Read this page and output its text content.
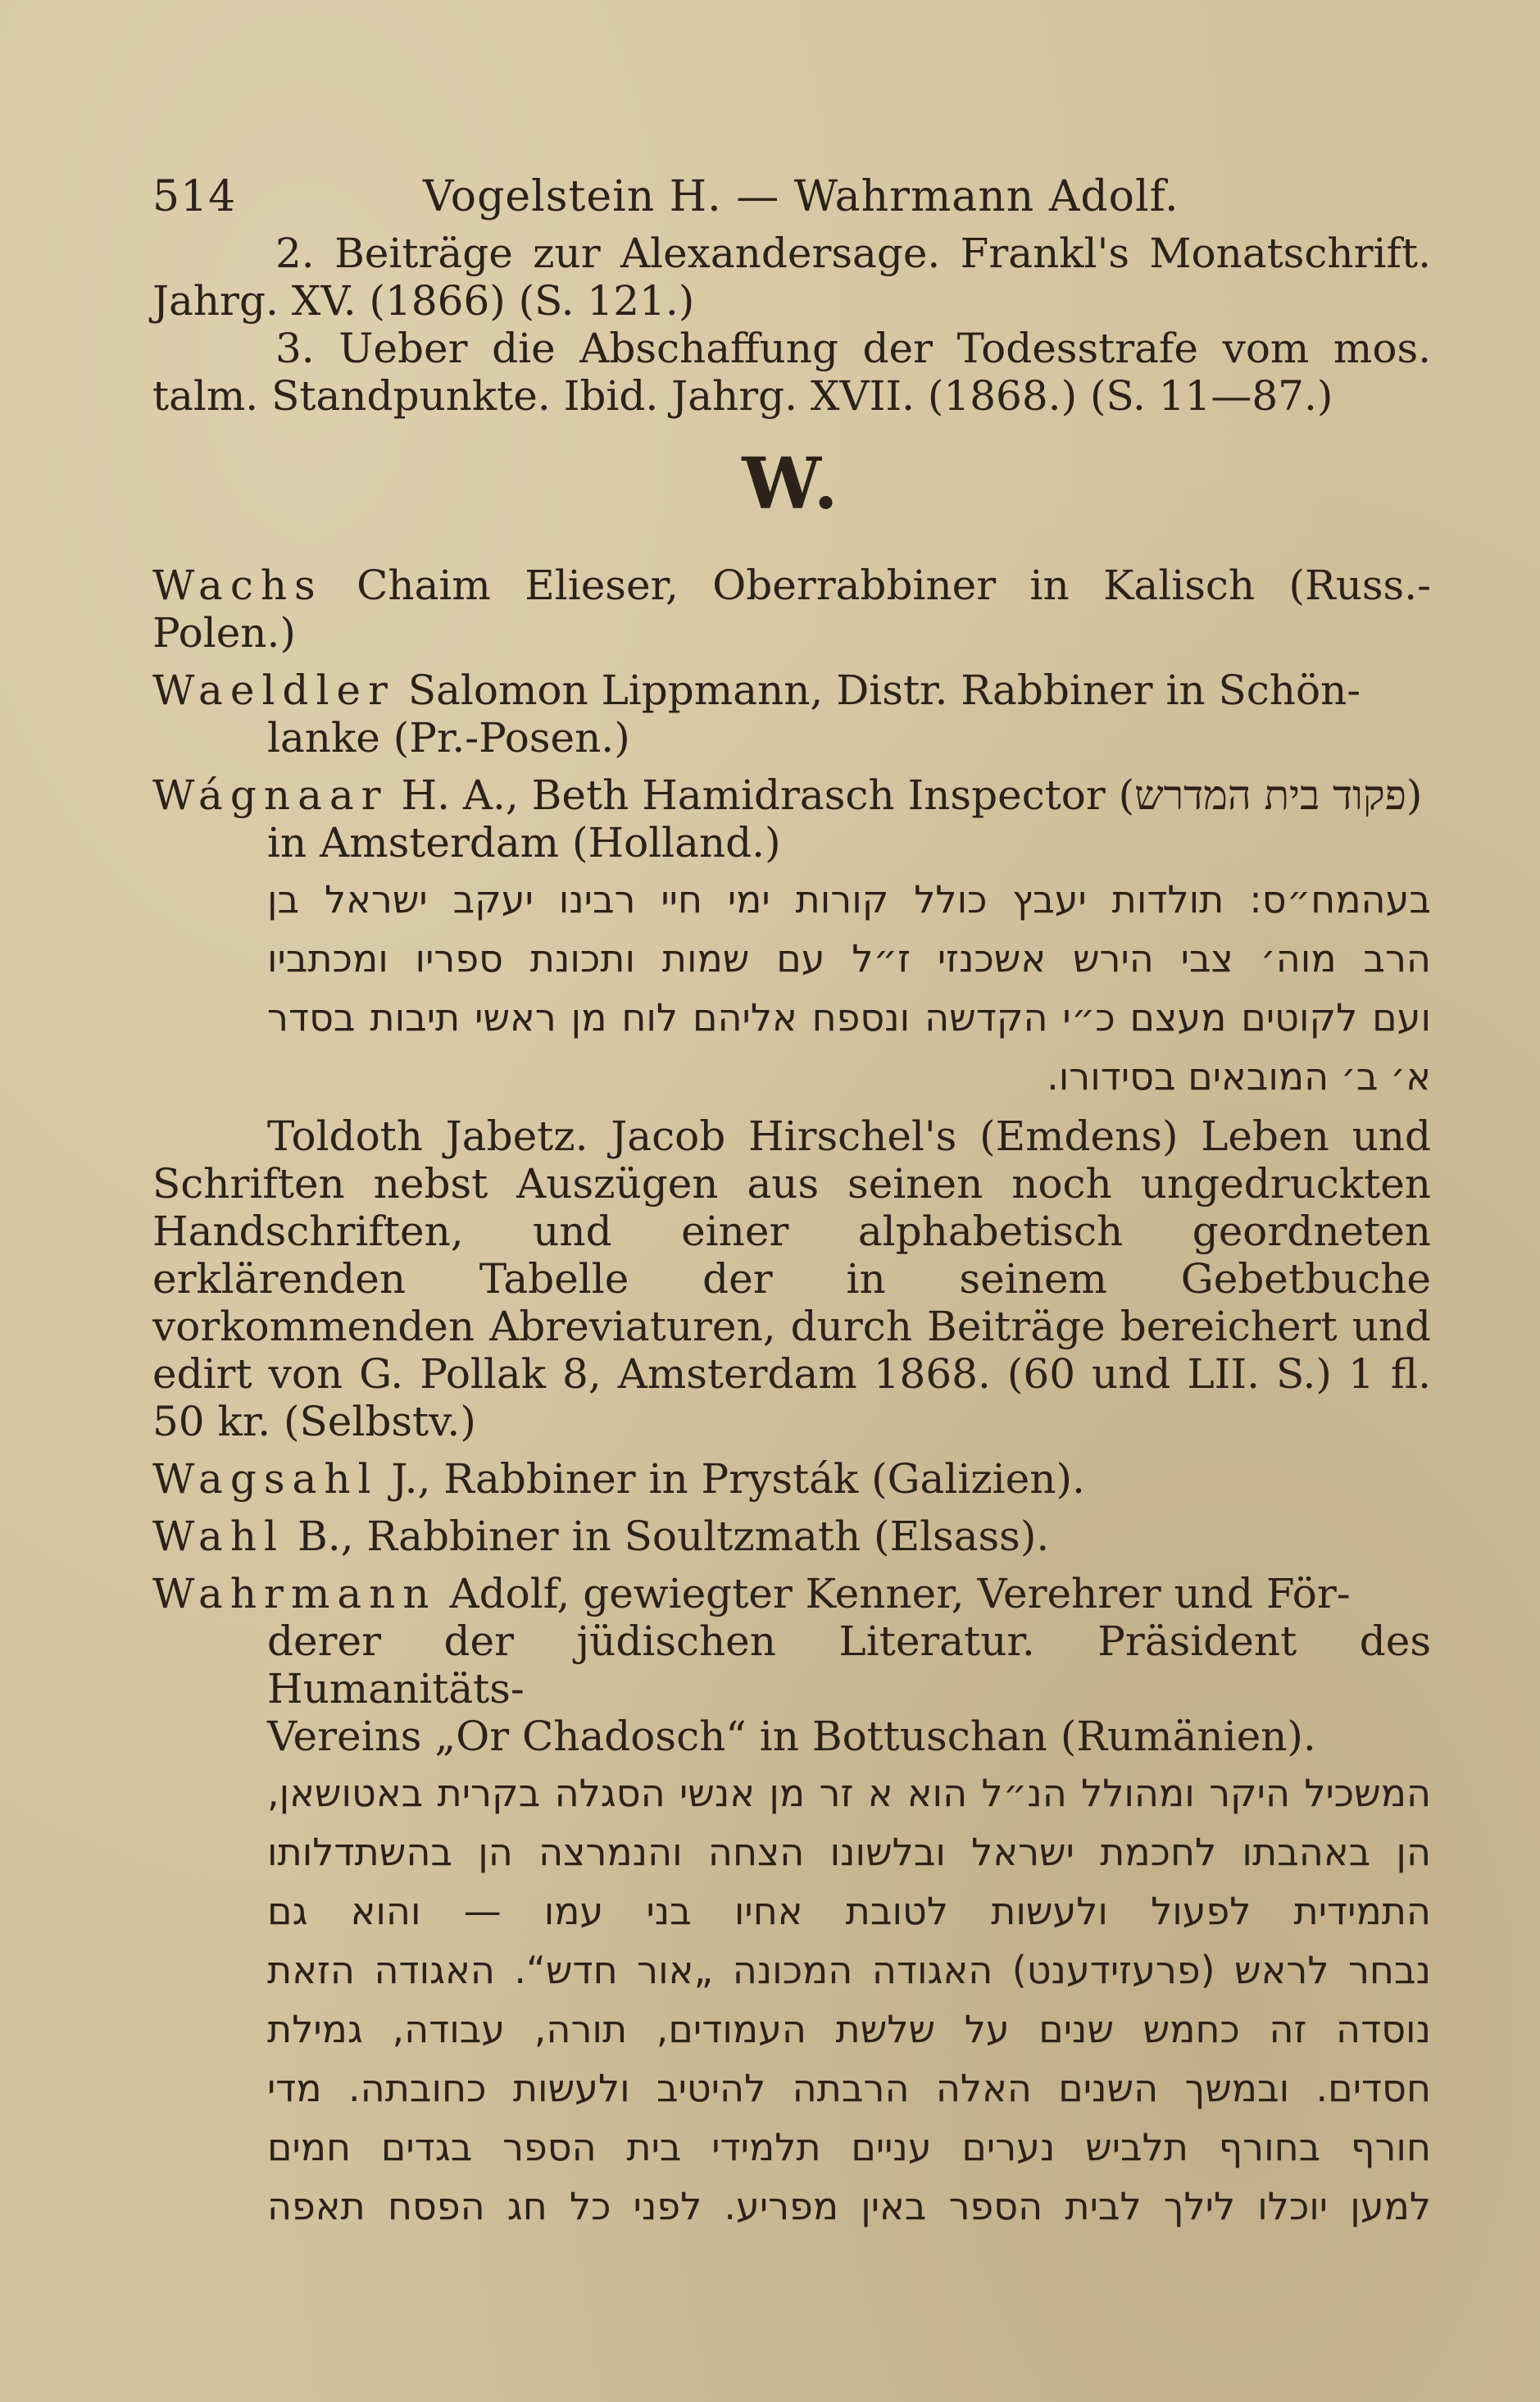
514	Vogelstein H. — Wahrmann Adolf.

2. Beiträge zur Alexandersage. Frankl's Monatschrift. Jahrg. XV. (1866) (S. 121.)

3. Ueber die Abschaffung der Todesstrafe vom mos. talm. Standpunkte. Ibid. Jahrg. XVII. (1868.) (S. 11—87.)

W.

Wachs Chaim Elieser, Oberrabbiner in Kalisch (Russ.-Polen.)

Waeldler Salomon Lippmann, Distr. Rabbiner in Schön-

lanke (Pr.-Posen.)

Wágnaar H. A., Beth Hamidrasch Inspector (פקוד בית המדרש)

in Amsterdam (Holland.)

בעהמח״ס: תולדות יעבץ כולל קורות ימי חיי רבינו יעקב ישראל בן
הרב מוה׳ צבי הירש אשכנזי ז״ל עם שמות ותכונת ספריו ומכתביו
ועם לקוטים מעצם כ״י הקדשה ונספח אליהם לוח מן ראשי תיבות בסדר
א׳ ב׳ המובאים בסידורו.

Toldoth Jabetz. Jacob Hirschel's (Emdens) Leben und Schriften nebst Auszügen aus seinen noch ungedruckten Handschriften, und einer alphabetisch geordneten erklärenden Tabelle der in seinem Gebetbuche vorkommenden Abreviaturen, durch Beiträge bereichert und edirt von G. Pollak 8, Amsterdam 1868. (60 und LII. S.) 1 fl. 50 kr. (Selbstv.)

Wagsahl J., Rabbiner in Prysták (Galizien).

Wahl B., Rabbiner in Soultzmath (Elsass).

Wahrmann Adolf, gewiegter Kenner, Verehrer und För-

derer der jüdischen Literatur. Präsident des Humanitäts-

Vereins „Or Chadosch“ in Bottuschan (Rumänien).

המשכיל היקר ומהולל הנ״ל הוא א זר מן אנשי הסגלה בקרית באטושאן,
הן באהבתו לחכמת ישראל ובלשונו הצחה והנמרצה הן בהשתדלותו
התמידית לפעול ולעשות לטובת אחיו בני עמו — והוא גם
נבחר לראש (פרעזידענט) האגודה המכונה „אור חדש“. האגודה הזאת
נוסדה זה כחמש שנים על שלשת העמודים, תורה, עבודה, גמילת
חסדים. ובמשך השנים האלה הרבתה להיטיב ולעשות כחובתה. מדי
חורף בחורף תלביש נערים עניים תלמידי בית הספר בגדים חמים
למען יוכלו לילך לבית הספר באין מפריע. לפני כל חג הפסח תאפה
